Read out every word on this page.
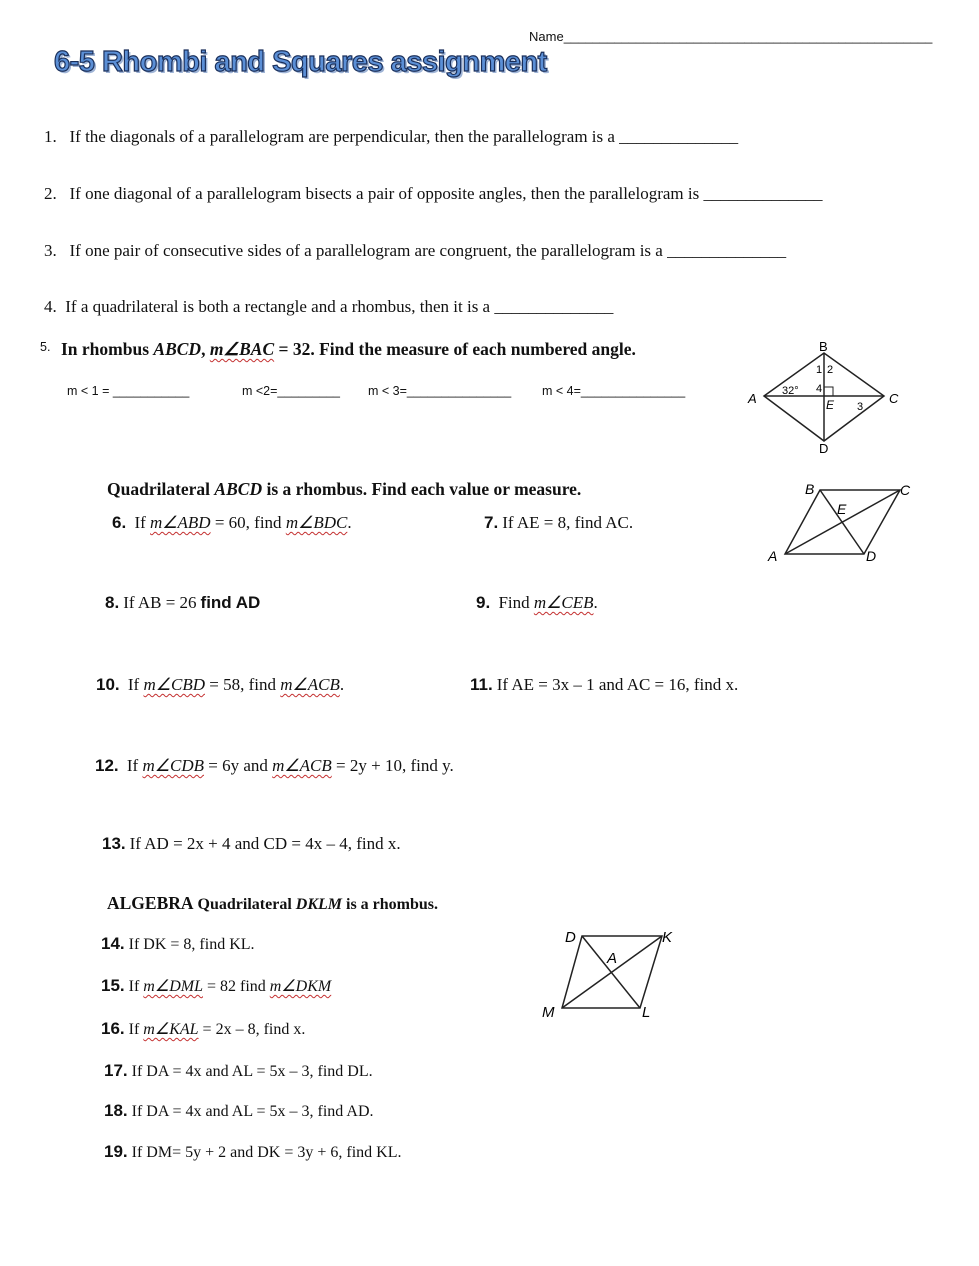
Name___________________________________________________
6-5 Rhombi and Squares assignment
1. If the diagonals of a parallelogram are perpendicular, then the parallelogram is a ______________
2. If one diagonal of a parallelogram bisects a pair of opposite angles, then the parallelogram is ______________
3. If one pair of consecutive sides of a parallelogram are congruent, the parallelogram is a ______________
4. If a quadrilateral is both a rectangle and a rhombus, then it is a ______________
5. In rhombus ABCD, m∠BAC = 32. Find the measure of each numbered angle.
m < 1 = ___________	m <2=_________ m < 3=_______________ m < 4=_______________
B
A	C
D
E
1 2
3
4
32°
Quadrilateral ABCD is a rhombus. Find each value or measure.	B	C
E
A	D
6. If m∠ABD = 60, find m∠BDC.	7. If AE = 8, find AC.
8. If AB = 26 find AD	9. Find m∠CEB.
10. If m∠CBD = 58, find m∠ACB.	11. If AE = 3x – 1 and AC = 16, find x.
12. If m∠CDB = 6y and m∠ACB = 2y + 10, find y.
13. If AD = 2x + 4 and CD = 4x – 4, find x.
ALGEBRA Quadrilateral DKLM is a rhombus.
D	K
A
M	L
14. If DK = 8, find KL.
15. If m∠DML = 82 find m∠DKM
16. If m∠KAL = 2x – 8, find x.
17. If DA = 4x and AL = 5x – 3, find DL.
18. If DA = 4x and AL = 5x – 3, find AD.
19. If DM= 5y + 2 and DK = 3y + 6, find KL.
